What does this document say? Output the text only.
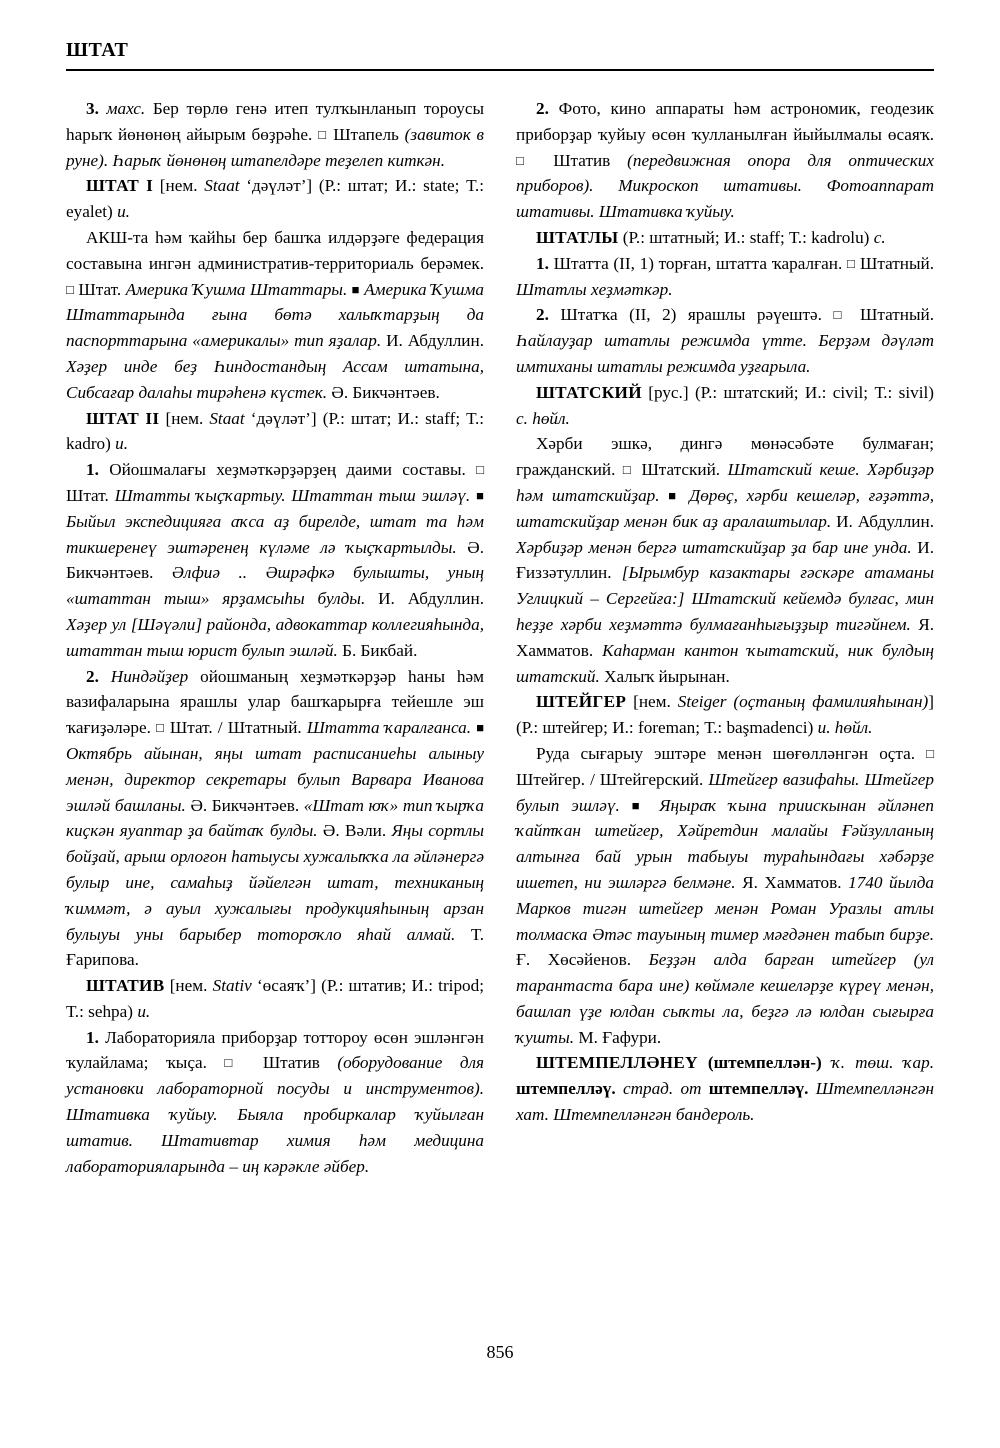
ШТАТ

3. махс. Бер төрлө генә итеп тулҡынланып тороусы һарыҡ йөнөнөң айырым бөҙрәһе. □ Штапель (завиток в руне). Һарыҡ йөнөнөң штапелдәре теҙелеп киткән.

ШТАТ I [нем. Staat ‘дәүләт’] (Р.: штат; И.: state; Т.: eyalet) и.

АКШ-та һәм ҡайһы бер башҡа илдәрҙәге федерация составына ингән административ-территориаль берәмек. □ Штат. Америка Ҡушма Штаттары. ■ Америка Ҡушма Штаттарында ғына бөтә халыҡтарҙың да паспорттарына «америкалы» тип яҙалар. И. Абдуллин. Хәҙер инде беҙ Һиндостандың Ассам штатына, Сибсағар далаһы тирәһенә күстек. Ә. Бикчәнтәев.

ШТАТ II [нем. Staat ‘дәүләт’] (Р.: штат; И.: staff; Т.: kadro) и.

1. Ойошмалағы хеҙмәткәрҙәрҙең даими составы. □ Штат. Штатты ҡыҫҡартыу. Штаттан тыш эшләү. ■ Быйыл экспедицияға аҡса аҙ бирелде, штат та һәм тикшеренеү эштәренең күләме лә ҡыҫҡартылды. Ә. Бикчәнтәев. Әлфиә .. Әшрәфкә булышты, уның «штаттан тыш» ярҙамсыһы булды. И. Абдуллин. Хәҙер ул [Шәүәли] районда, адвокаттар коллегияһында, штаттан тыш юрист булып эшләй. Б. Бикбай.

2. Ниндәйҙер ойошманың хеҙмәткәрҙәр һаны һәм вазифаларына ярашлы улар башҡарырға тейешле эш ҡағиҙәләре. □ Штат. / Штатный. Штатта ҡаралғанса. ■ Октябрь айынан, яңы штат расписаниеһы алыныу менән, директор секретары булып Варвара Иванова эшләй башланы. Ә. Бикчәнтәев. «Штат юҡ» тип ҡырҡа киҫкән яуаптар ҙа байтаҡ булды. Ә. Вәли. Яңы сортлы бойҙай, арыш орлоғон һатыусы хужалыҡҡа ла әйләнергә булыр ине, самаһыҙ йәйелгән штат, техниканың ҡиммәт, ә ауыл хужалығы продукцияһының арзан булыуы уны барыбер тотороҡло яһай алмай. Т. Ғарипова.

ШТАТИВ [нем. Stativ ‘өсаяҡ’] (Р.: штатив; И.: tripod; Т.: sehpa) и.

1. Лабораторияла приборҙар тоттороу өсөн эшләнгән ҡулайлама; ҡыҫа. □	Штатив (оборудование для установки лабораторной посуды и инструментов). Штативка ҡуйыу. Быяла пробиркалар ҡуйылған штатив. Штативтар химия һәм медицина лабораторияларында – иң кәрәкле әйбер.

2. Фото, кино аппараты һәм астрономик, геодезик приборҙар ҡуйыу өсөн ҡулланылған йыйылмалы өсаяҡ. □ Штатив (передвижная опора для оптических приборов). Микроскоп штативы. Фотоаппарат штативы. Штативка ҡуйыу.

ШТАТЛЫ (Р.: штатный; И.: staff; Т.: kadrolu) с.

1. Штатта (II, 1) торған, штатта ҡаралған. □ Штатный. Штатлы хеҙмәткәр.

2. Штатҡа (II, 2) ярашлы рәүештә. □ Штатный. Һайлауҙар штатлы режимда үтте. Берҙәм дәүләт имтиханы штатлы режимда уҙғарыла.

ШТАТСКИЙ [рус.] (Р.: штатский; И.: civil; Т.: sivil) с. һөйл.

Хәрби эшкә, дингә мөнәсәбәте булмаған; гражданский. □ Штатский. Штатский кеше. Хәрбиҙәр һәм штатскийҙар. ■ Дөрөҫ, хәрби кешеләр, ғәҙәттә, штатскийҙар менән бик аҙ аралаштылар. И. Абдуллин. Хәрбиҙәр менән бергә штатскийҙар ҙа бар ине унда. И. Ғиззәтуллин. [Ырымбур казактары ғәскәре атаманы Углицкий – Сергейға:] Штатский кейемдә булғас, мин һеҙҙе хәрби хеҙмәттә булмағанһығыҙҙыр тигәйнем. Я. Хамматов. Каһарман кантон ҡытатский, ник булдың штатский. Халыҡ йырынан.

ШТЕЙГЕР [нем. Steiger (оҫтаның фамилияһынан)] (Р.: штейгер; И.: foreman; Т.: başmadenci) и. һөйл.

Руда сығарыу эштәре менән шөғөлләнгән оҫта. □ Штейгер. / Штейгерский. Штейгер вазифаһы. Штейгер булып эшләү. ■ Яңыраҡ ҡына приискынан әйләнеп ҡайтҡан штейгер, Хәйретдин малайы Ғәйзулланың алтынға бай урын табыуы тураһындағы хәбәрҙе ишетеп, ни эшләргә белмәне. Я. Хамматов. 1740 йылда Марков тигән штейгер менән Роман Уразлы атлы толмаска Әтәс тауының тимер мәғдәнен табып бирҙе. Ғ. Хөсәйенов. Беҙҙән алда барған штейгер (ул тарантаста бара ине) көймәле кешеләрҙе күреү менән, башлап үҙе юлдан сыҡты ла, беҙгә лә юлдан сығырға ҡушты. М. Ғафури.

ШТЕМПЕЛЛӘНЕҮ (штемпеллән-) ҡ. төш. ҡар. штемпелләү. страд. от штемпелләү. Штемпелләнгән хат. Штемпелләнгән бандероль.

856
